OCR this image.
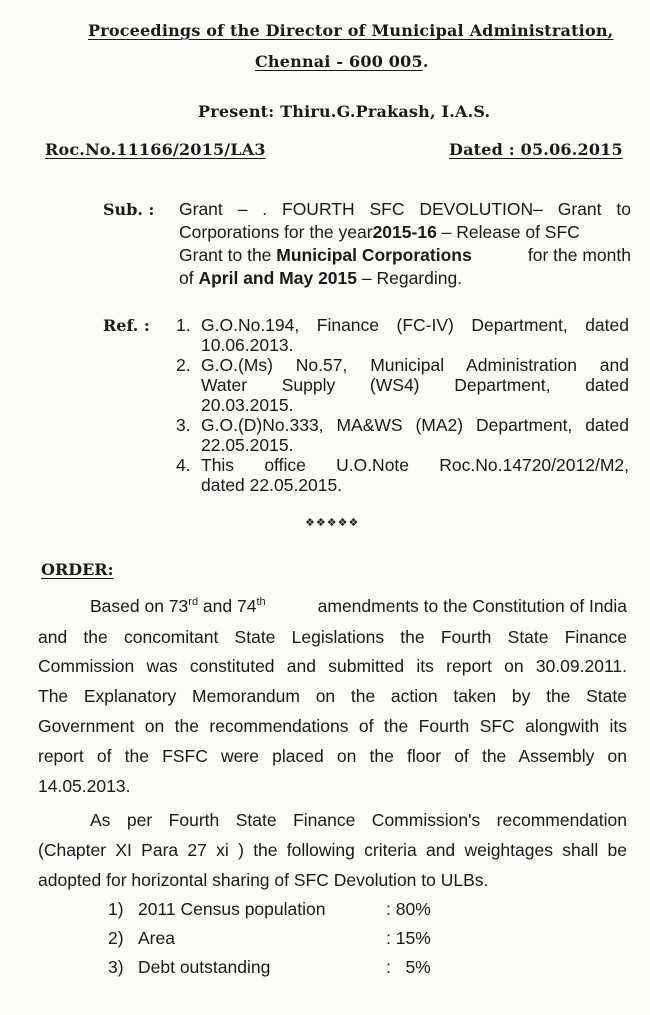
Proceedings of the Director of Municipal Administration,
Chennai - 600 005.
Present: Thiru.G.Prakash, I.A.S.
Roc.No.11166/2015/LA3	Dated : 05.06.2015
Sub. : Grant – . FOURTH SFC DEVOLUTION– Grant to
Corporations for the year 2015-16 – Release of SFC
Grant to the Municipal Corporations	for the month
of April and May 2015 – Regarding.
Ref. : 1. G.O.No.194, Finance (FC-IV) Department, dated
10.06.2013.
2. G.O.(Ms) No.57, Municipal Administration and
Water Supply (WS4) Department, dated
20.03.2015.
3. G.O.(D)No.333, MA&WS (MA2) Department, dated
22.05.2015.
4. This office U.O.Note Roc.No.14720/2012/M2,
dated 22.05.2015.
❖❖❖❖❖
ORDER:
Based on 73rd and 74th	amendments to the Constitution of India
and the concomitant State Legislations the Fourth State Finance
Commission was constituted and submitted its report on 30.09.2011.
The Explanatory Memorandum on the action taken by the State
Government on the recommendations of the Fourth SFC alongwith its
report of the FSFC were placed on the floor of the Assembly on
14.05.2013.
As per Fourth State Finance Commission's recommendation
(Chapter XI Para 27 xi ) the following criteria and weightages shall be
adopted for horizontal sharing of SFC Devolution to ULBs.
1) 2011 Census population	: 80%
2) Area	: 15%
3) Debt outstanding	:   5%
